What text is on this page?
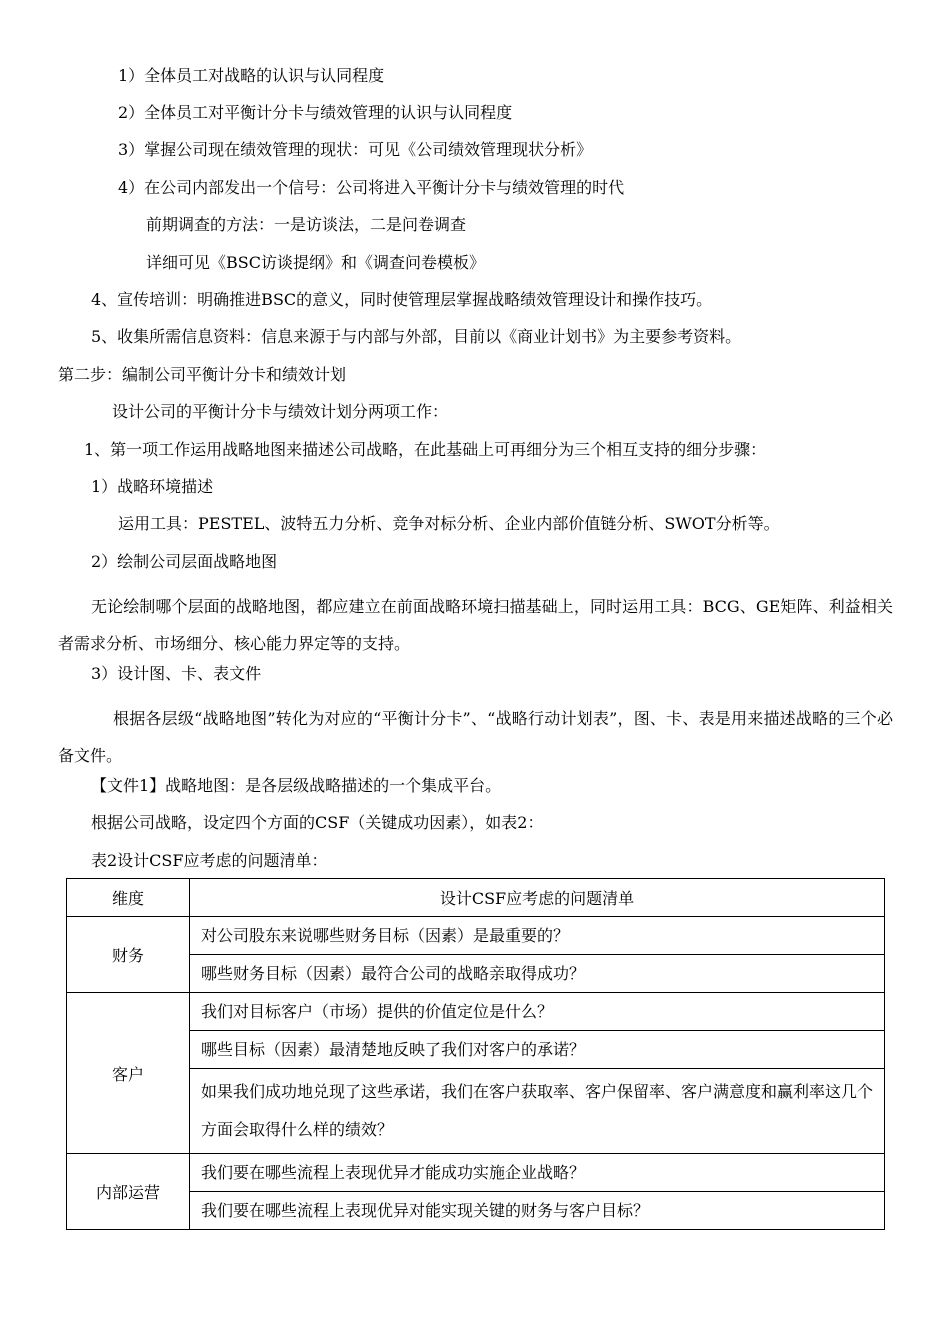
1）全体员工对战略的认识与认同程度
2）全体员工对平衡计分卡与绩效管理的认识与认同程度
3）掌握公司现在绩效管理的现状：可见《公司绩效管理现状分析》
4）在公司内部发出一个信号：公司将进入平衡计分卡与绩效管理的时代
前期调查的方法：一是访谈法，二是问卷调查
详细可见《BSC访谈提纲》和《调查问卷模板》
4、宣传培训：明确推进BSC的意义，同时使管理层掌握战略绩效管理设计和操作技巧。
5、收集所需信息资料：信息来源于与内部与外部，目前以《商业计划书》为主要参考资料。
第二步：编制公司平衡计分卡和绩效计划
设计公司的平衡计分卡与绩效计划分两项工作：
1、第一项工作运用战略地图来描述公司战略，在此基础上可再细分为三个相互支持的细分步骤：
1）战略环境描述
运用工具：PESTEL、波特五力分析、竞争对标分析、企业内部价值链分析、SWOT分析等。
2）绘制公司层面战略地图
无论绘制哪个层面的战略地图，都应建立在前面战略环境扫描基础上，同时运用工具：BCG、GE矩阵、利益相关者需求分析、市场细分、核心能力界定等的支持。
3）设计图、卡、表文件
根据各层级“战略地图”转化为对应的“平衡计分卡”、“战略行动计划表”，图、卡、表是用来描述战略的三个必备文件。
【文件1】战略地图：是各层级战略描述的一个集成平台。
根据公司战略，设定四个方面的CSF（关键成功因素），如表2：
表2设计CSF应考虑的问题清单：
维度	设计CSF应考虑的问题清单
财务	对公司股东来说哪些财务目标（因素）是最重要的？
	哪些财务目标（因素）最符合公司的战略亲取得成功？
客户	我们对目标客户（市场）提供的价值定位是什么？
	哪些目标（因素）最清楚地反映了我们对客户的承诺？
	如果我们成功地兑现了这些承诺，我们在客户获取率、客户保留率、客户满意度和赢利率这几个方面会取得什么样的绩效？
内部运营	我们要在哪些流程上表现优异才能成功实施企业战略？
	我们要在哪些流程上表现优异对能实现关键的财务与客户目标？
